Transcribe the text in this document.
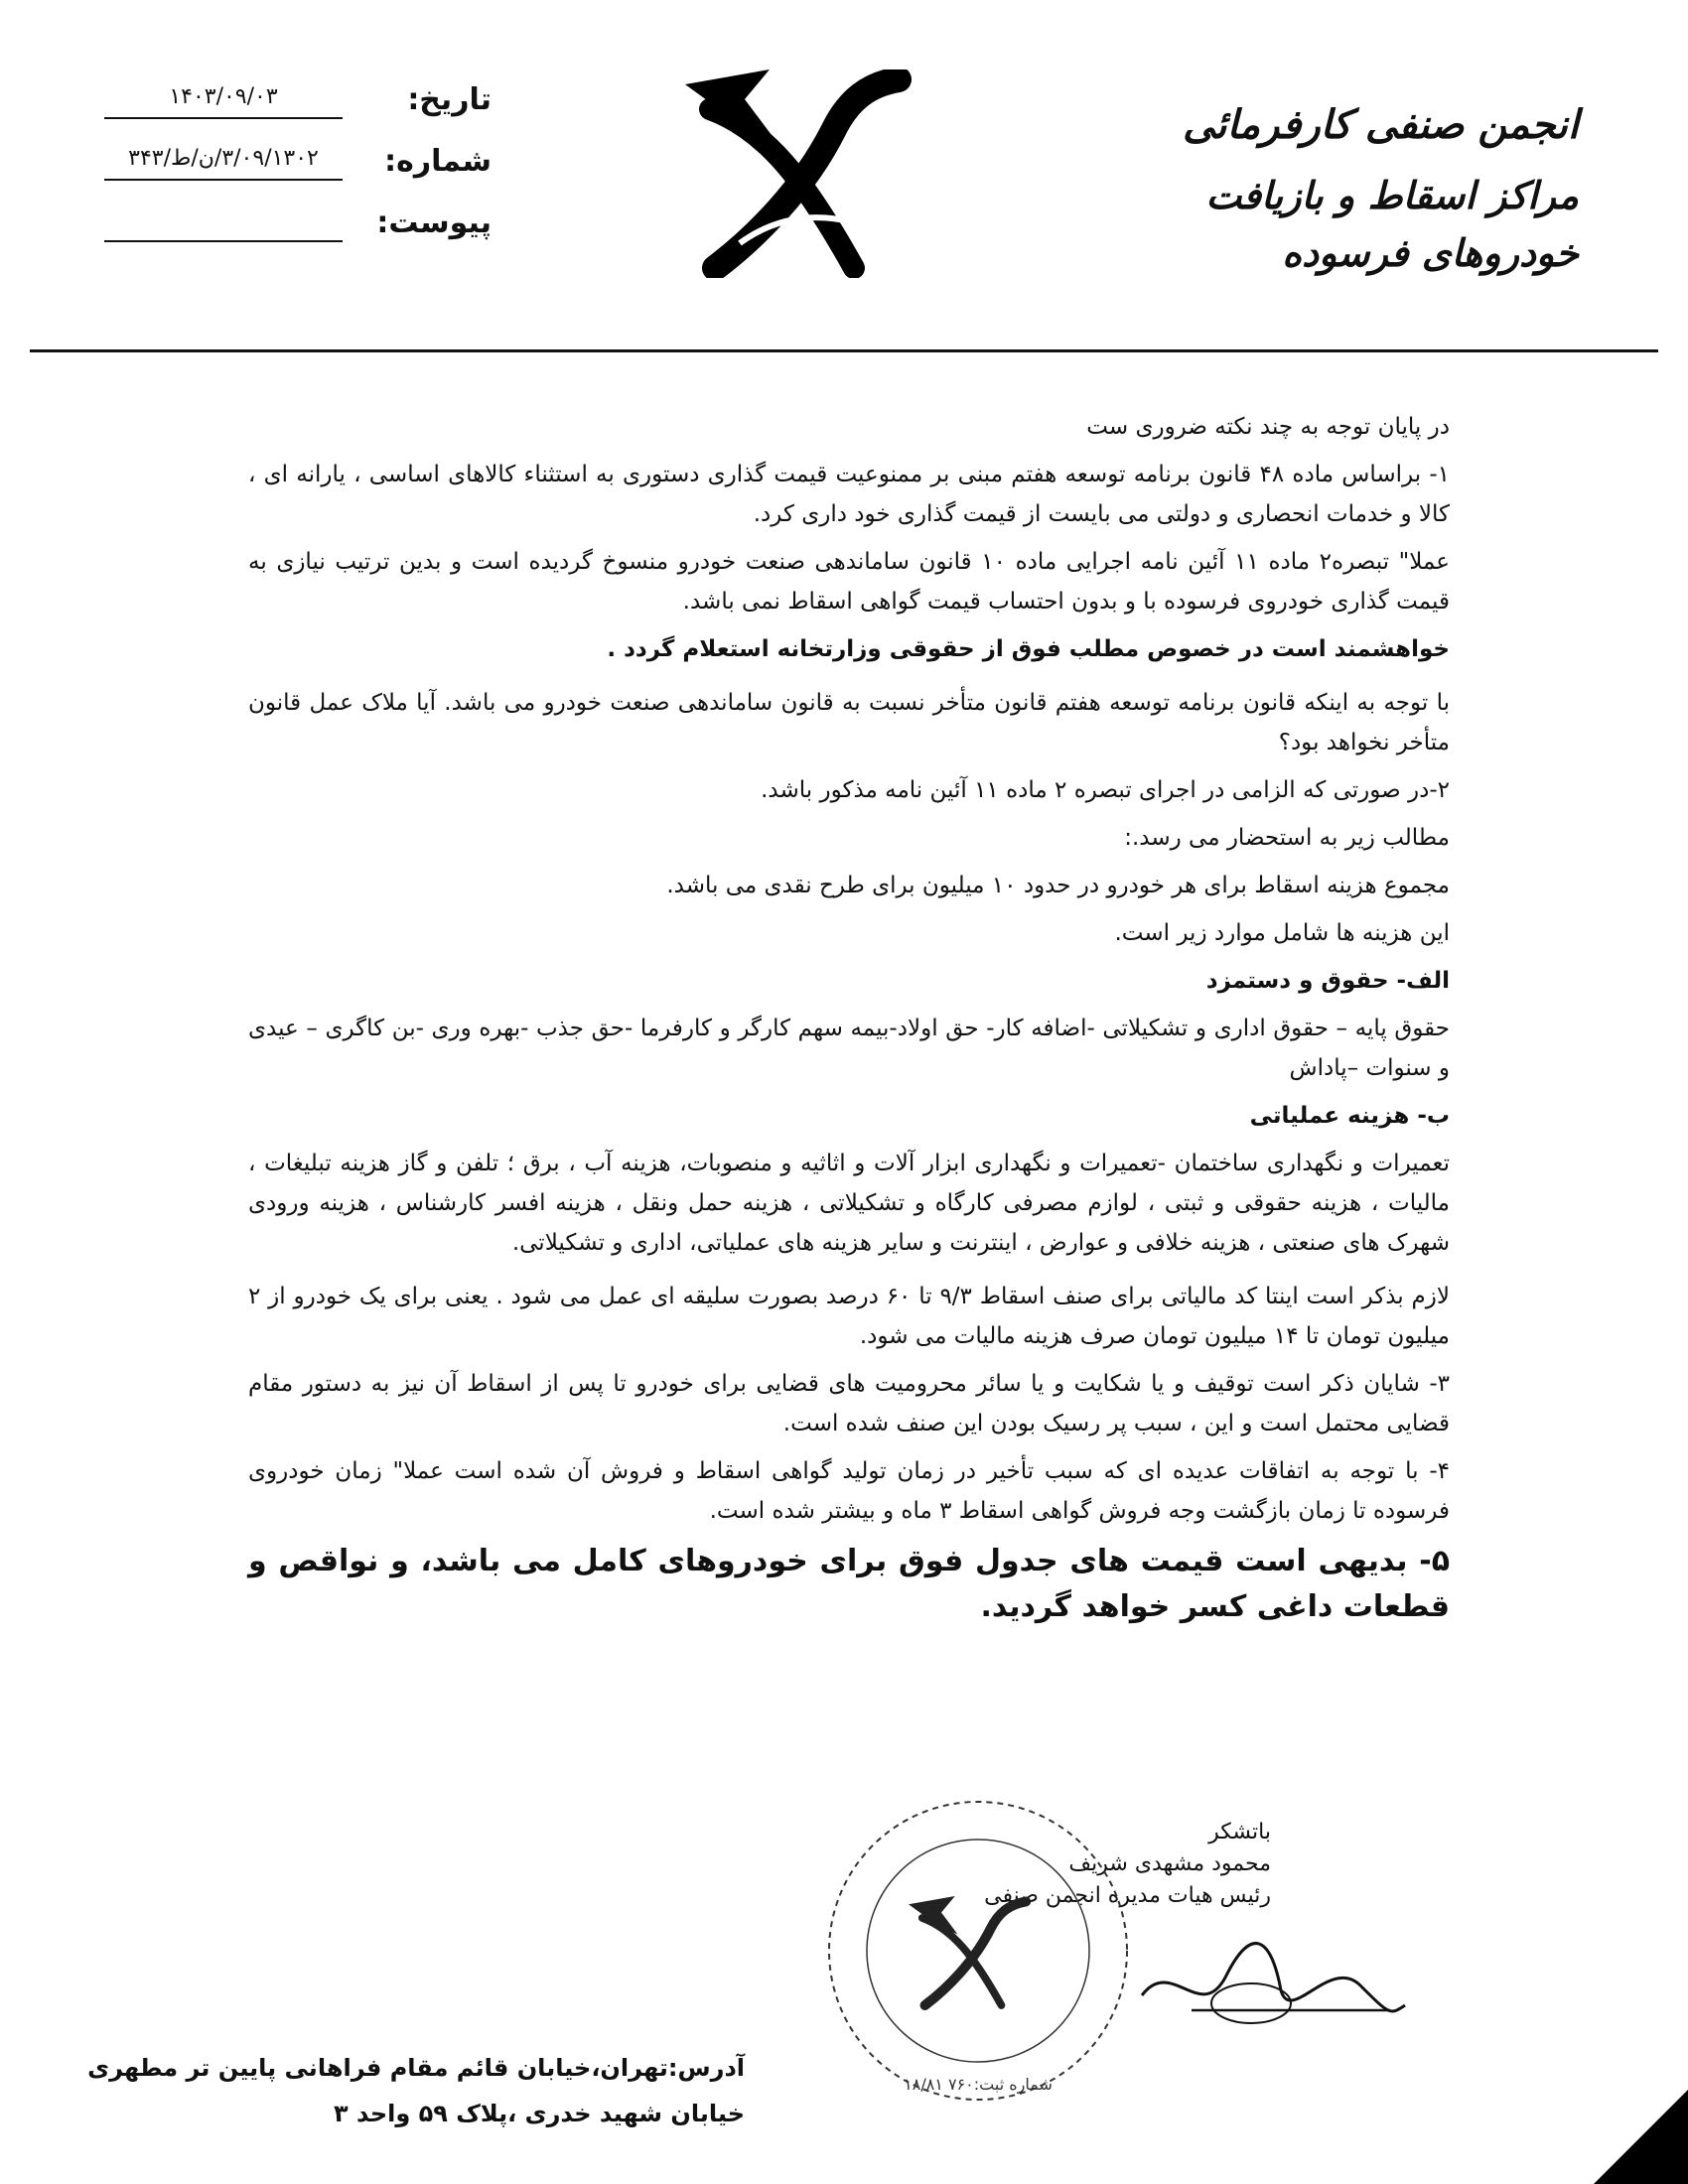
انجمن صنفی کارفرمائی
مراکز اسقاط و بازیافت خودروهای فرسوده
تاریخ:
۱۴۰۳/۰۹/۰۳
شماره:
۳/۰۹/۱۳۰۲/ن/ط/۳۴۳
پیوست:

در پایان توجه به چند نکته ضروری ست

۱- براساس ماده ۴۸ قانون برنامه توسعه هفتم مبنی بر ممنوعیت قیمت گذاری دستوری به استثناء کالاهای اساسی ، یارانه ای ، کالا و خدمات انحصاری و دولتی می بایست از قیمت گذاری خود داری کرد.

عملا" تبصره۲ ماده ۱۱ آئین نامه اجرایی ماده ۱۰ قانون ساماندهی صنعت خودرو منسوخ گردیده است و بدین ترتیب نیازی به قیمت گذاری خودروی فرسوده با و بدون احتساب قیمت گواهی اسقاط نمی باشد.

خواهشمند است در خصوص مطلب فوق از حقوقی وزارتخانه استعلام گردد .

با توجه به اینکه قانون برنامه توسعه هفتم قانون متأخر نسبت به قانون ساماندهی صنعت خودرو می باشد. آیا ملاک عمل قانون متأخر نخواهد بود؟

۲-در صورتی که الزامی در اجرای تبصره ۲ ماده ۱۱ آئین نامه مذکور باشد.

مطالب زیر به استحضار می رسد.:

مجموع هزینه اسقاط برای هر خودرو در حدود ۱۰ میلیون برای طرح نقدی می باشد.

این هزینه ها شامل موارد زیر است.

الف- حقوق و دستمزد

حقوق پایه – حقوق اداری و تشکیلاتی -اضافه کار- حق اولاد-بیمه سهم کارگر و کارفرما -حق جذب -بهره وری -بن کاگری – عیدی و سنوات –پاداش

ب- هزینه عملیاتی

تعمیرات و نگهداری ساختمان -تعمیرات و نگهداری ابزار آلات و اثاثیه و منصوبات، هزینه آب ، برق ؛ تلفن و گاز هزینه تبلیغات ، مالیات ، هزینه حقوقی و ثبتی ، لوازم مصرفی کارگاه و تشکیلاتی ، هزینه حمل ونقل ، هزینه افسر کارشناس ، هزینه ورودی شهرک های صنعتی ، هزینه خلافی و عوارض ، اینترنت و سایر هزینه های عملیاتی، اداری و تشکیلاتی.

لازم بذکر است اینتا کد مالیاتی برای صنف اسقاط ۹/۳ تا ۶۰ درصد بصورت سلیقه ای عمل می شود . یعنی برای یک خودرو از ۲ میلیون تومان تا ۱۴ میلیون تومان صرف هزینه مالیات می شود.

۳- شایان ذکر است توقیف و یا شکایت و یا سائر محرومیت های قضایی برای خودرو تا پس از اسقاط آن نیز به دستور مقام قضایی محتمل است و این ، سبب پر رسیک بودن این صنف شده است.

۴- با توجه به اتفاقات عدیده ای که سبب تأخیر در زمان تولید گواهی اسقاط و فروش آن شده است عملا" زمان خودروی فرسوده تا زمان بازگشت وجه فروش گواهی اسقاط ۳ ماه و بیشتر شده است.

۵- بدیهی است قیمت های جدول فوق برای خودروهای کامل می باشد، و نواقص و قطعات داغی کسر خواهد گردید.

باتشکر
محمود مشهدی شریف
رئیس هیات مدیره انجمن صنفی
شماره ثبت:۷۶۰ ۱۸/۸۱
آدرس:تهران،خیابان قائم مقام فراهانی پایین تر مطهری
خیابان شهید خدری ،پلاک ۵۹ واحد ۳
